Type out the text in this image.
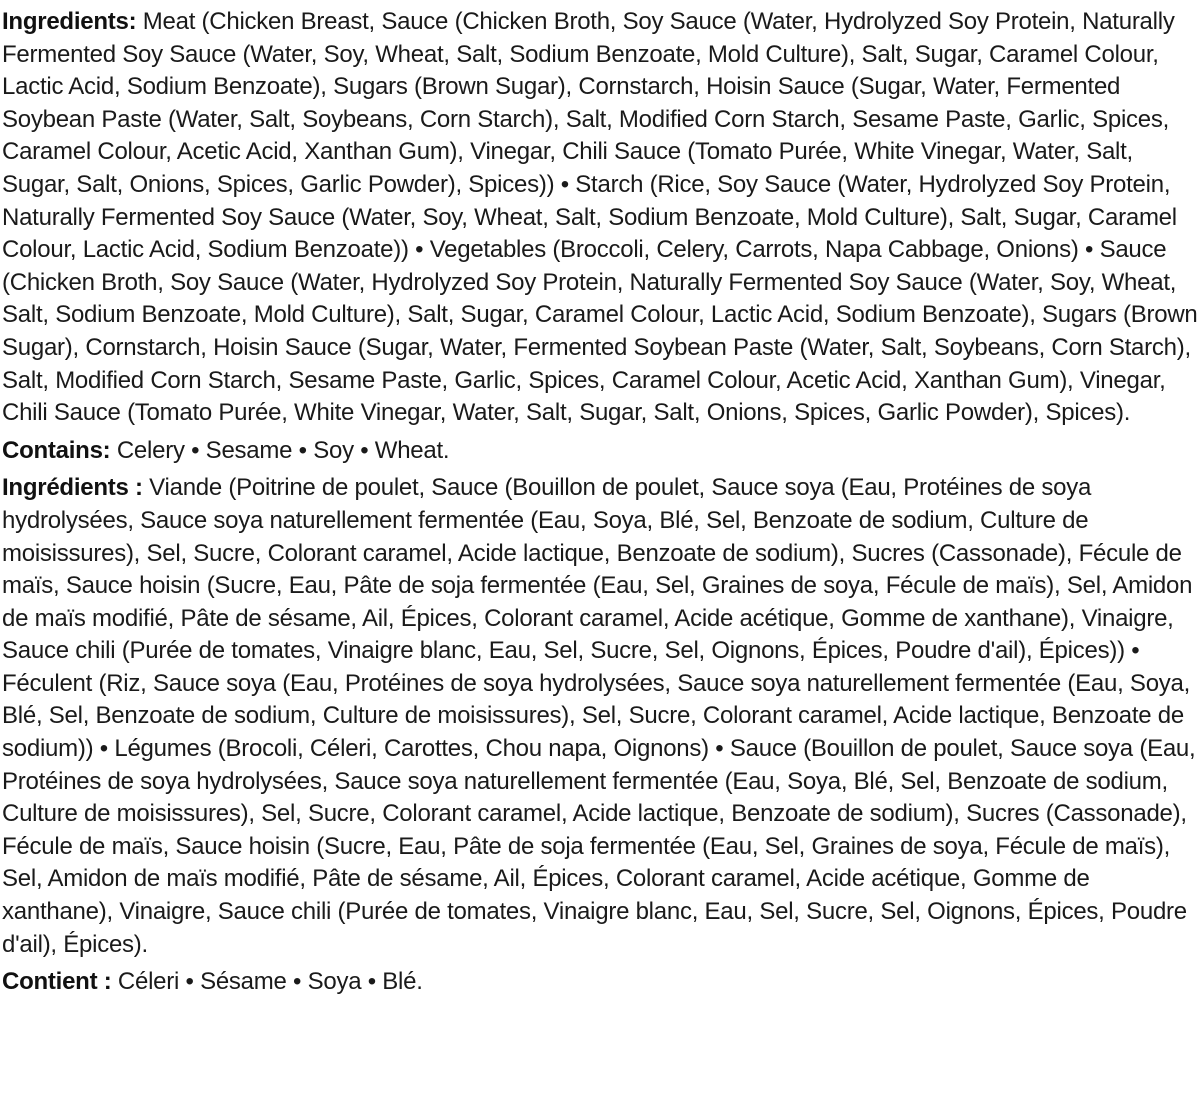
Ingredients: Meat (Chicken Breast, Sauce (Chicken Broth, Soy Sauce (Water, Hydrolyzed Soy Protein, Naturally Fermented Soy Sauce (Water, Soy, Wheat, Salt, Sodium Benzoate, Mold Culture), Salt, Sugar, Caramel Colour, Lactic Acid, Sodium Benzoate), Sugars (Brown Sugar), Cornstarch, Hoisin Sauce (Sugar, Water, Fermented Soybean Paste (Water, Salt, Soybeans, Corn Starch), Salt, Modified Corn Starch, Sesame Paste, Garlic, Spices, Caramel Colour, Acetic Acid, Xanthan Gum), Vinegar, Chili Sauce (Tomato Purée, White Vinegar, Water, Salt, Sugar, Salt, Onions, Spices, Garlic Powder), Spices)) • Starch (Rice, Soy Sauce (Water, Hydrolyzed Soy Protein, Naturally Fermented Soy Sauce (Water, Soy, Wheat, Salt, Sodium Benzoate, Mold Culture), Salt, Sugar, Caramel Colour, Lactic Acid, Sodium Benzoate)) • Vegetables (Broccoli, Celery, Carrots, Napa Cabbage, Onions) • Sauce (Chicken Broth, Soy Sauce (Water, Hydrolyzed Soy Protein, Naturally Fermented Soy Sauce (Water, Soy, Wheat, Salt, Sodium Benzoate, Mold Culture), Salt, Sugar, Caramel Colour, Lactic Acid, Sodium Benzoate), Sugars (Brown Sugar), Cornstarch, Hoisin Sauce (Sugar, Water, Fermented Soybean Paste (Water, Salt, Soybeans, Corn Starch), Salt, Modified Corn Starch, Sesame Paste, Garlic, Spices, Caramel Colour, Acetic Acid, Xanthan Gum), Vinegar, Chili Sauce (Tomato Purée, White Vinegar, Water, Salt, Sugar, Salt, Onions, Spices, Garlic Powder), Spices).

Contains: Celery • Sesame • Soy • Wheat.

Ingrédients : Viande (Poitrine de poulet, Sauce (Bouillon de poulet, Sauce soya (Eau, Protéines de soya hydrolysées, Sauce soya naturellement fermentée (Eau, Soya, Blé, Sel, Benzoate de sodium, Culture de moisissures), Sel, Sucre, Colorant caramel, Acide lactique, Benzoate de sodium), Sucres (Cassonade), Fécule de maïs, Sauce hoisin (Sucre, Eau, Pâte de soja fermentée (Eau, Sel, Graines de soya, Fécule de maïs), Sel, Amidon de maïs modifié, Pâte de sésame, Ail, Épices, Colorant caramel, Acide acétique, Gomme de xanthane), Vinaigre, Sauce chili (Purée de tomates, Vinaigre blanc, Eau, Sel, Sucre, Sel, Oignons, Épices, Poudre d'ail), Épices)) • Féculent (Riz, Sauce soya (Eau, Protéines de soya hydrolysées, Sauce soya naturellement fermentée (Eau, Soya, Blé, Sel, Benzoate de sodium, Culture de moisissures), Sel, Sucre, Colorant caramel, Acide lactique, Benzoate de sodium)) • Légumes (Brocoli, Céleri, Carottes, Chou napa, Oignons) • Sauce (Bouillon de poulet, Sauce soya (Eau, Protéines de soya hydrolysées, Sauce soya naturellement fermentée (Eau, Soya, Blé, Sel, Benzoate de sodium, Culture de moisissures), Sel, Sucre, Colorant caramel, Acide lactique, Benzoate de sodium), Sucres (Cassonade), Fécule de maïs, Sauce hoisin (Sucre, Eau, Pâte de soja fermentée (Eau, Sel, Graines de soya, Fécule de maïs), Sel, Amidon de maïs modifié, Pâte de sésame, Ail, Épices, Colorant caramel, Acide acétique, Gomme de xanthane), Vinaigre, Sauce chili (Purée de tomates, Vinaigre blanc, Eau, Sel, Sucre, Sel, Oignons, Épices, Poudre d'ail), Épices).

Contient : Céleri • Sésame • Soya • Blé.
